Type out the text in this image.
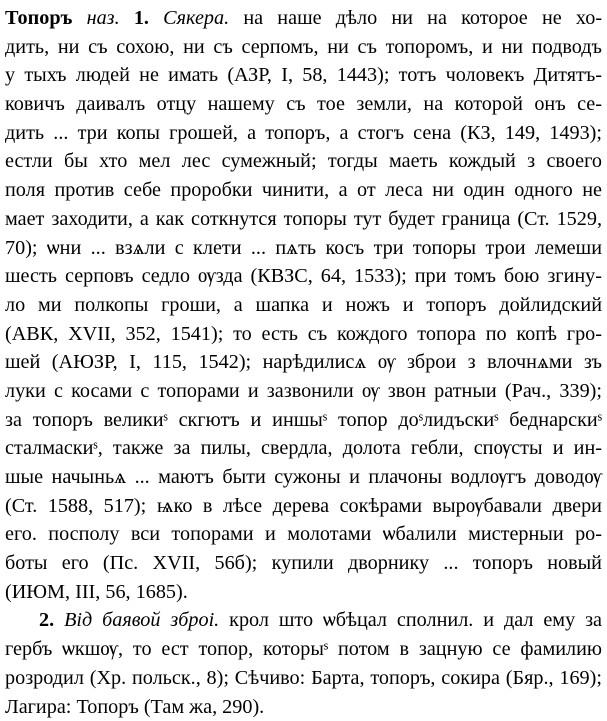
Топоръ наз. 1. Сякера. на наше дѣло ни на которое не хо-
дить, ни съ сохою, ни съ серпомъ, ни съ топоромъ, и ни подводъ
у тыхъ людей не имать (АЗР, I, 58, 1443); тотъ чоловекъ Дитятъ-
ковичъ даивалъ отцу нашему съ тое земли, на которой онъ се-
дить ... три копы грошей, а топоръ, а стогъ сена (КЗ, 149, 1493);
естли бы хто мел лес сумежный; тогды маеть кождый з своего
поля против себе проробки чинити, а от леса ни один одного не
мает заходити, а как соткнутся топоры тут будет граница (Ст. 1529,
70); ѡни ... взѧли с клети ... пѧть косъ три топоры трои лемеши
шесть серповъ седло ѹзда (КВЗС, 64, 1533); при томъ бою згину-
ло ми полкопы гроши, а шапка и ножъ и топоръ дойлидский
(АВК, XVII, 352, 1541); то есть съ кождого топора по копѣ гро-
шей (АЮЗР, I, 115, 1542); нарѣдилисѧ ѹ зброи з влочнѧми зъ
луки с косами с топорами и зазвонили ѹ звон ратныи (Рач., 339);
за топоръ великиˢ скгютъ и иншыˢ топор доˢлидъскиˢ беднарскиˢ
сталмаскиˢ, также за пилы, свердла, долота гебли, спѹсты и ин-
шые начыньѧ ... маютъ быти сужоны и плачоны водлѹгъ доводѹ
(Ст. 1588, 517); ѩко в лѣсе дерева сокѣрами вырѹбавали двери
его. посполу вси топорами и молотами ѡбалили мистерныи ро-
боты его (Пс. XVII, 56б); купили дворнику ... топоръ новый
(ИЮМ, III, 56, 1685).
2. Від баявой зброі. крол што ѡбѣцал сполнил. и дал ему за
гербъ ѡкшѹ, то ест топор, которыˢ потом в зацную се фамилию
розродил (Хр. польск., 8); Сѣчиво: Барта, топоръ, сокира (Бяр., 169);
Лагира: Топоръ (Там жа, 290).
